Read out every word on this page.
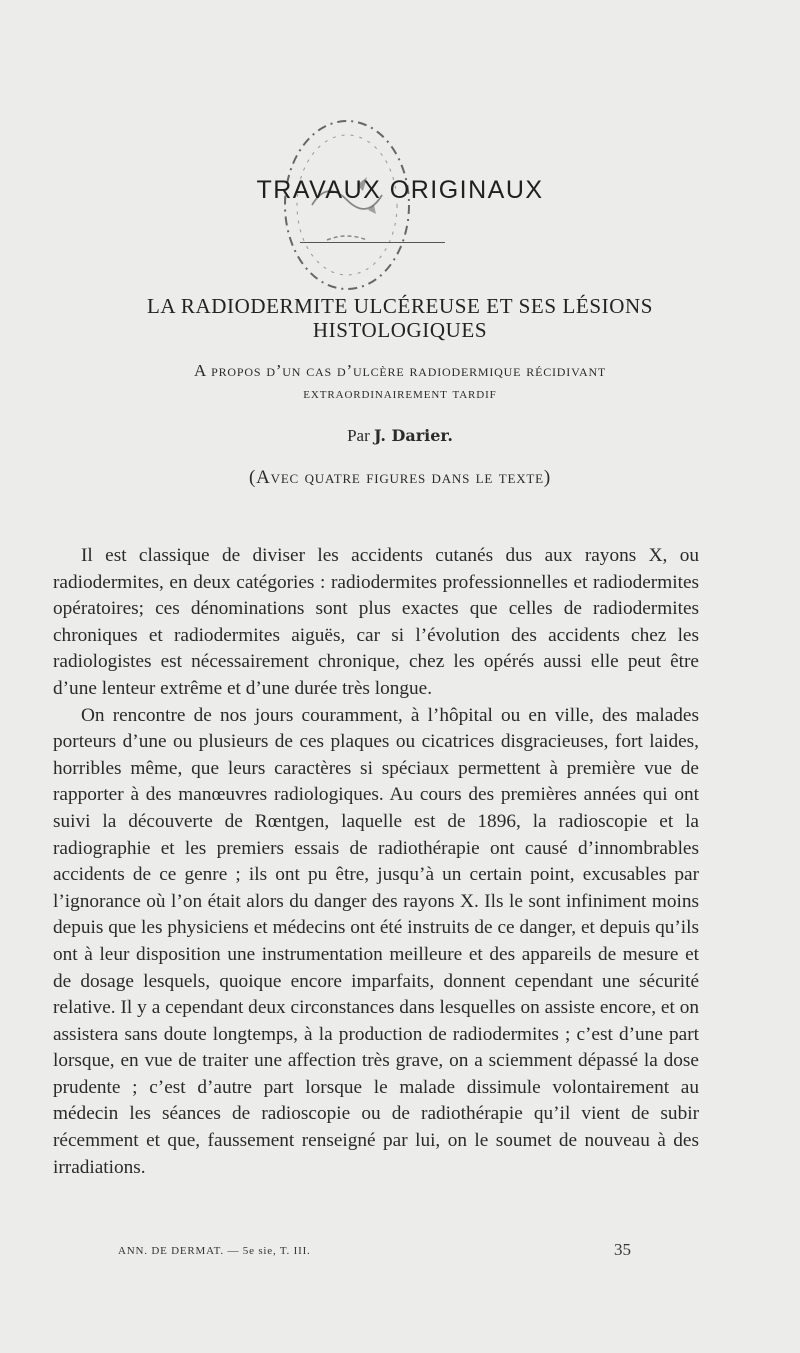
TRAVAUX ORIGINAUX
LA RADIODERMITE ULCÉREUSE ET SES LÉSIONS
HISTOLOGIQUES
A propos d’un cas d’ulcère radiodermique récidivant
extraordinairement tardif
Par J. Darier.
(Avec quatre figures dans le texte)

Il est classique de diviser les accidents cutanés dus aux rayons X, ou radiodermites, en deux catégories : radiodermites professionnelles et radiodermites opératoires; ces dénominations sont plus exactes que celles de radiodermites chroniques et radiodermites aiguës, car si l’évolution des accidents chez les radiologistes est nécessairement chronique, chez les opérés aussi elle peut être d’une lenteur extrême et d’une durée très longue.

On rencontre de nos jours couramment, à l’hôpital ou en ville, des malades porteurs d’une ou plusieurs de ces plaques ou cicatrices disgracieuses, fort laides, horribles même, que leurs caractères si spéciaux permettent à première vue de rapporter à des manœuvres radiologiques. Au cours des premières années qui ont suivi la découverte de Rœntgen, laquelle est de 1896, la radioscopie et la radiographie et les premiers essais de radiothérapie ont causé d’innombrables accidents de ce genre ; ils ont pu être, jusqu’à un certain point, excusables par l’ignorance où l’on était alors du danger des rayons X. Ils le sont infiniment moins depuis que les physiciens et médecins ont été instruits de ce danger, et depuis qu’ils ont à leur disposition une instrumentation meilleure et des appareils de mesure et de dosage lesquels, quoique encore imparfaits, donnent cependant une sécurité relative. Il y a cependant deux circonstances dans lesquelles on assiste encore, et on assistera sans doute longtemps, à la production de radiodermites ; c’est d’une part lorsque, en vue de traiter une affection très grave, on a sciemment dépassé la dose prudente ; c’est d’autre part lorsque le malade dissimule volontairement au médecin les séances de radioscopie ou de radiothérapie qu’il vient de subir récemment et que, faussement renseigné par lui, on le soumet de nouveau à des irradiations.

ANN. DE DERMAT. — 5e sie, T. III.	35
